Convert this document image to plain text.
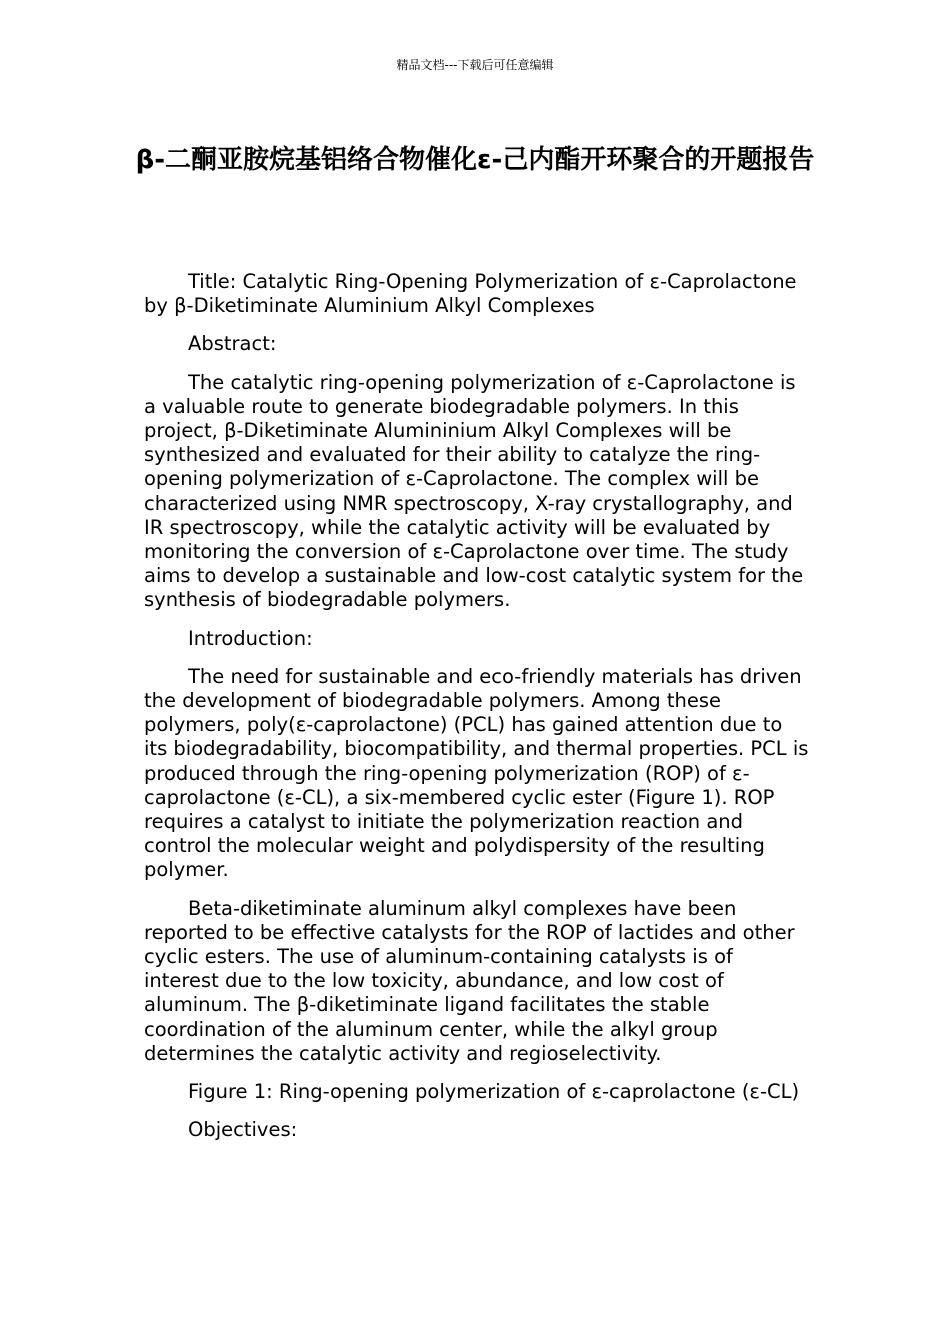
精品文档---下载后可任意编辑
β-二酮亚胺烷基铝络合物催化ε-己内酯开环聚合的开题报告

Title: Catalytic Ring-Opening Polymerization of ε-Caprolactone by β-Diketiminate Aluminium Alkyl Complexes

Abstract:

The catalytic ring-opening polymerization of ε-Caprolactone is a valuable route to generate biodegradable polymers. In this project, β-Diketiminate Alumininium Alkyl Complexes will be synthesized and evaluated for their ability to catalyze the ring-opening polymerization of ε-Caprolactone. The complex will be characterized using NMR spectroscopy, X-ray crystallography, and IR spectroscopy, while the catalytic activity will be evaluated by monitoring the conversion of ε-Caprolactone over time. The study aims to develop a sustainable and low-cost catalytic system for the synthesis of biodegradable polymers.

Introduction:

The need for sustainable and eco-friendly materials has driven the development of biodegradable polymers. Among these polymers, poly(ε-caprolactone) (PCL) has gained attention due to its biodegradability, biocompatibility, and thermal properties. PCL is produced through the ring-opening polymerization (ROP) of ε-caprolactone (ε-CL), a six-membered cyclic ester (Figure 1). ROP requires a catalyst to initiate the polymerization reaction and control the molecular weight and polydispersity of the resulting polymer.

Beta-diketiminate aluminum alkyl complexes have been reported to be effective catalysts for the ROP of lactides and other cyclic esters. The use of aluminum-containing catalysts is of interest due to the low toxicity, abundance, and low cost of aluminum. The β-diketiminate ligand facilitates the stable coordination of the aluminum center, while the alkyl group determines the catalytic activity and regioselectivity.

Figure 1: Ring-opening polymerization of ε-caprolactone (ε-CL)

Objectives:
